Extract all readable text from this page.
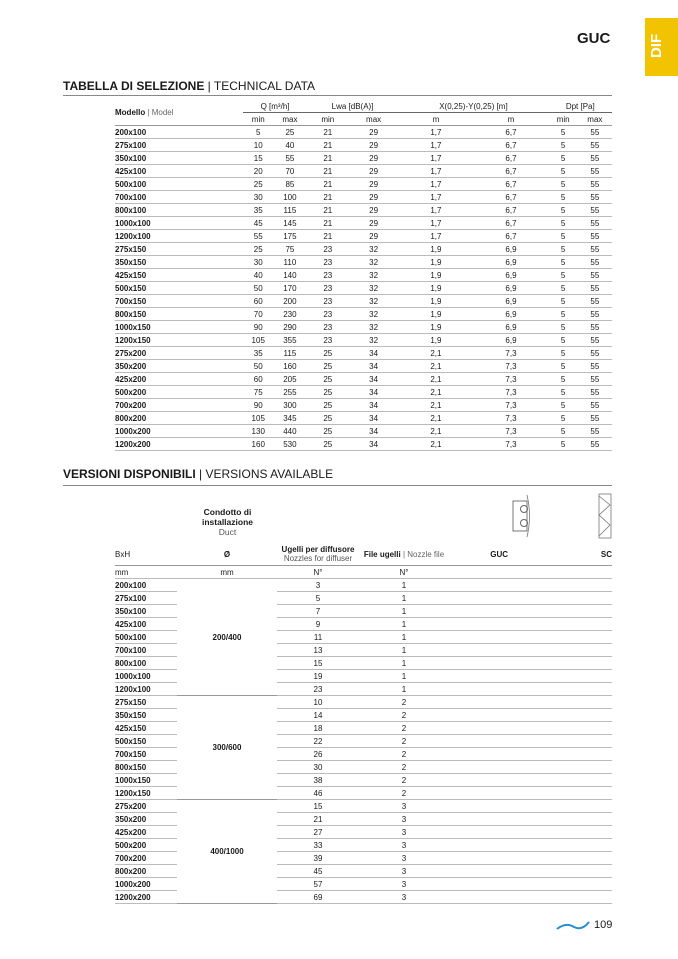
GUC	DIF
TABELLA DI SELEZIONE | TECHNICAL DATA
Modello | Model	Q [m³/h]		Lwa [dB(A)]		X(0,25)-Y(0,25) [m]		Dpt [Pa]	
	min	max	min	max	m	m	min	max
200x100	5	25	21	29	1,7	6,7	5	55
275x100	10	40	21	29	1,7	6,7	5	55
350x100	15	55	21	29	1,7	6,7	5	55
425x100	20	70	21	29	1,7	6,7	5	55
500x100	25	85	21	29	1,7	6,7	5	55
700x100	30	100	21	29	1,7	6,7	5	55
800x100	35	115	21	29	1,7	6,7	5	55
1000x100	45	145	21	29	1,7	6,7	5	55
1200x100	55	175	21	29	1,7	6,7	5	55
275x150	25	75	23	32	1,9	6,9	5	55
350x150	30	110	23	32	1,9	6,9	5	55
425x150	40	140	23	32	1,9	6,9	5	55
500x150	50	170	23	32	1,9	6,9	5	55
700x150	60	200	23	32	1,9	6,9	5	55
800x150	70	230	23	32	1,9	6,9	5	55
1000x150	90	290	23	32	1,9	6,9	5	55
1200x150	105	355	23	32	1,9	6,9	5	55
275x200	35	115	25	34	2,1	7,3	5	55
350x200	50	160	25	34	2,1	7,3	5	55
425x200	60	205	25	34	2,1	7,3	5	55
500x200	75	255	25	34	2,1	7,3	5	55
700x200	90	300	25	34	2,1	7,3	5	55
800x200	105	345	25	34	2,1	7,3	5	55
1000x200	130	440	25	34	2,1	7,3	5	55
1200x200	160	530	25	34	2,1	7,3	5	55
VERSIONI DISPONIBILI | VERSIONS AVAILABLE
Condotto di installazione
Duct
BxH	Ø	Ugelli per diffusore
Nozzles for diffuser	File ugelli | Nozzle file	GUC	SC
mm	mm	N°	N°		
200x100	200/400	3	1		
275x100		5	1		
350x100		7	1		
425x100		9	1		
500x100		11	1		
700x100		13	1		
800x100		15	1		
1000x100		19	1		
1200x100		23	1		
275x150	300/600	10	2		
350x150		14	2		
425x150		18	2		
500x150		22	2		
700x150		26	2		
800x150		30	2		
1000x150		38	2		
1200x150		46	2		
275x200	400/1000	15	3		
350x200		21	3		
425x200		27	3		
500x200		33	3		
700x200		39	3		
800x200		45	3		
1000x200		57	3		
1200x200		69	3		
109
